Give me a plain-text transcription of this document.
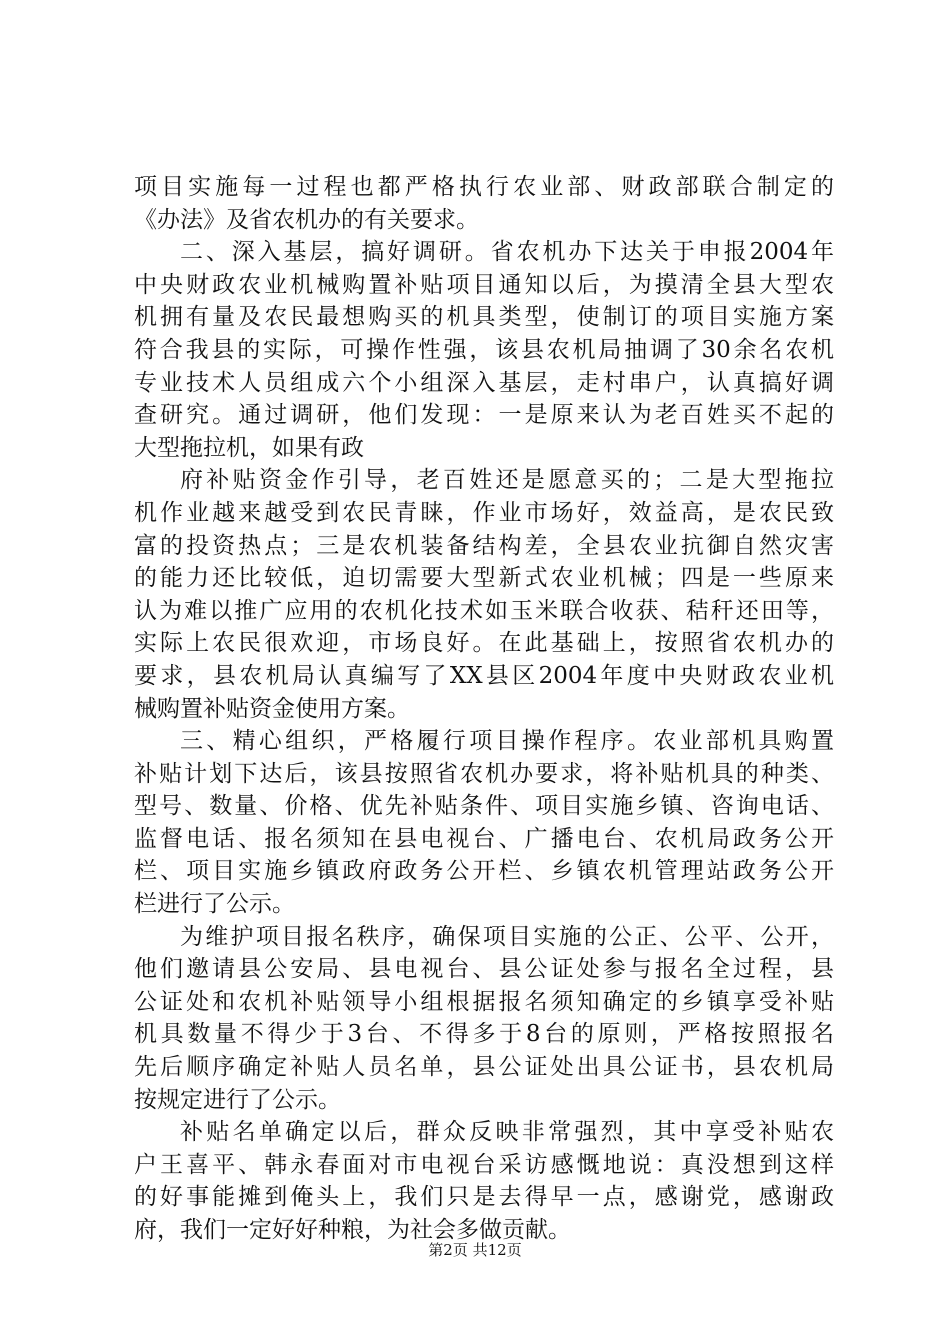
项目实施每一过程也都严格执行农业部、财政部联合制定的
《办法》及省农机办的有关要求。
二、深入基层，搞好调研。省农机办下达关于申报2004年
中央财政农业机械购置补贴项目通知以后，为摸清全县大型农
机拥有量及农民最想购买的机具类型，使制订的项目实施方案
符合我县的实际，可操作性强，该县农机局抽调了30余名农机
专业技术人员组成六个小组深入基层，走村串户，认真搞好调
查研究。通过调研，他们发现：一是原来认为老百姓买不起的
大型拖拉机，如果有政
府补贴资金作引导，老百姓还是愿意买的；二是大型拖拉
机作业越来越受到农民青睐，作业市场好，效益高，是农民致
富的投资热点；三是农机装备结构差，全县农业抗御自然灾害
的能力还比较低，迫切需要大型新式农业机械；四是一些原来
认为难以推广应用的农机化技术如玉米联合收获、秸秆还田等，
实际上农民很欢迎，市场良好。在此基础上，按照省农机办的
要求，县农机局认真编写了XX县区2004年度中央财政农业机
械购置补贴资金使用方案。
三、精心组织，严格履行项目操作程序。农业部机具购置
补贴计划下达后，该县按照省农机办要求，将补贴机具的种类、
型号、数量、价格、优先补贴条件、项目实施乡镇、咨询电话、
监督电话、报名须知在县电视台、广播电台、农机局政务公开
栏、项目实施乡镇政府政务公开栏、乡镇农机管理站政务公开
栏进行了公示。
为维护项目报名秩序，确保项目实施的公正、公平、公开，
他们邀请县公安局、县电视台、县公证处参与报名全过程，县
公证处和农机补贴领导小组根据报名须知确定的乡镇享受补贴
机具数量不得少于3台、不得多于8台的原则，严格按照报名
先后顺序确定补贴人员名单，县公证处出具公证书，县农机局
按规定进行了公示。
补贴名单确定以后，群众反映非常强烈，其中享受补贴农
户王喜平、韩永春面对市电视台采访感慨地说：真没想到这样
的好事能摊到俺头上，我们只是去得早一点，感谢党，感谢政
府，我们一定好好种粮，为社会多做贡献。
第2页 共12页
